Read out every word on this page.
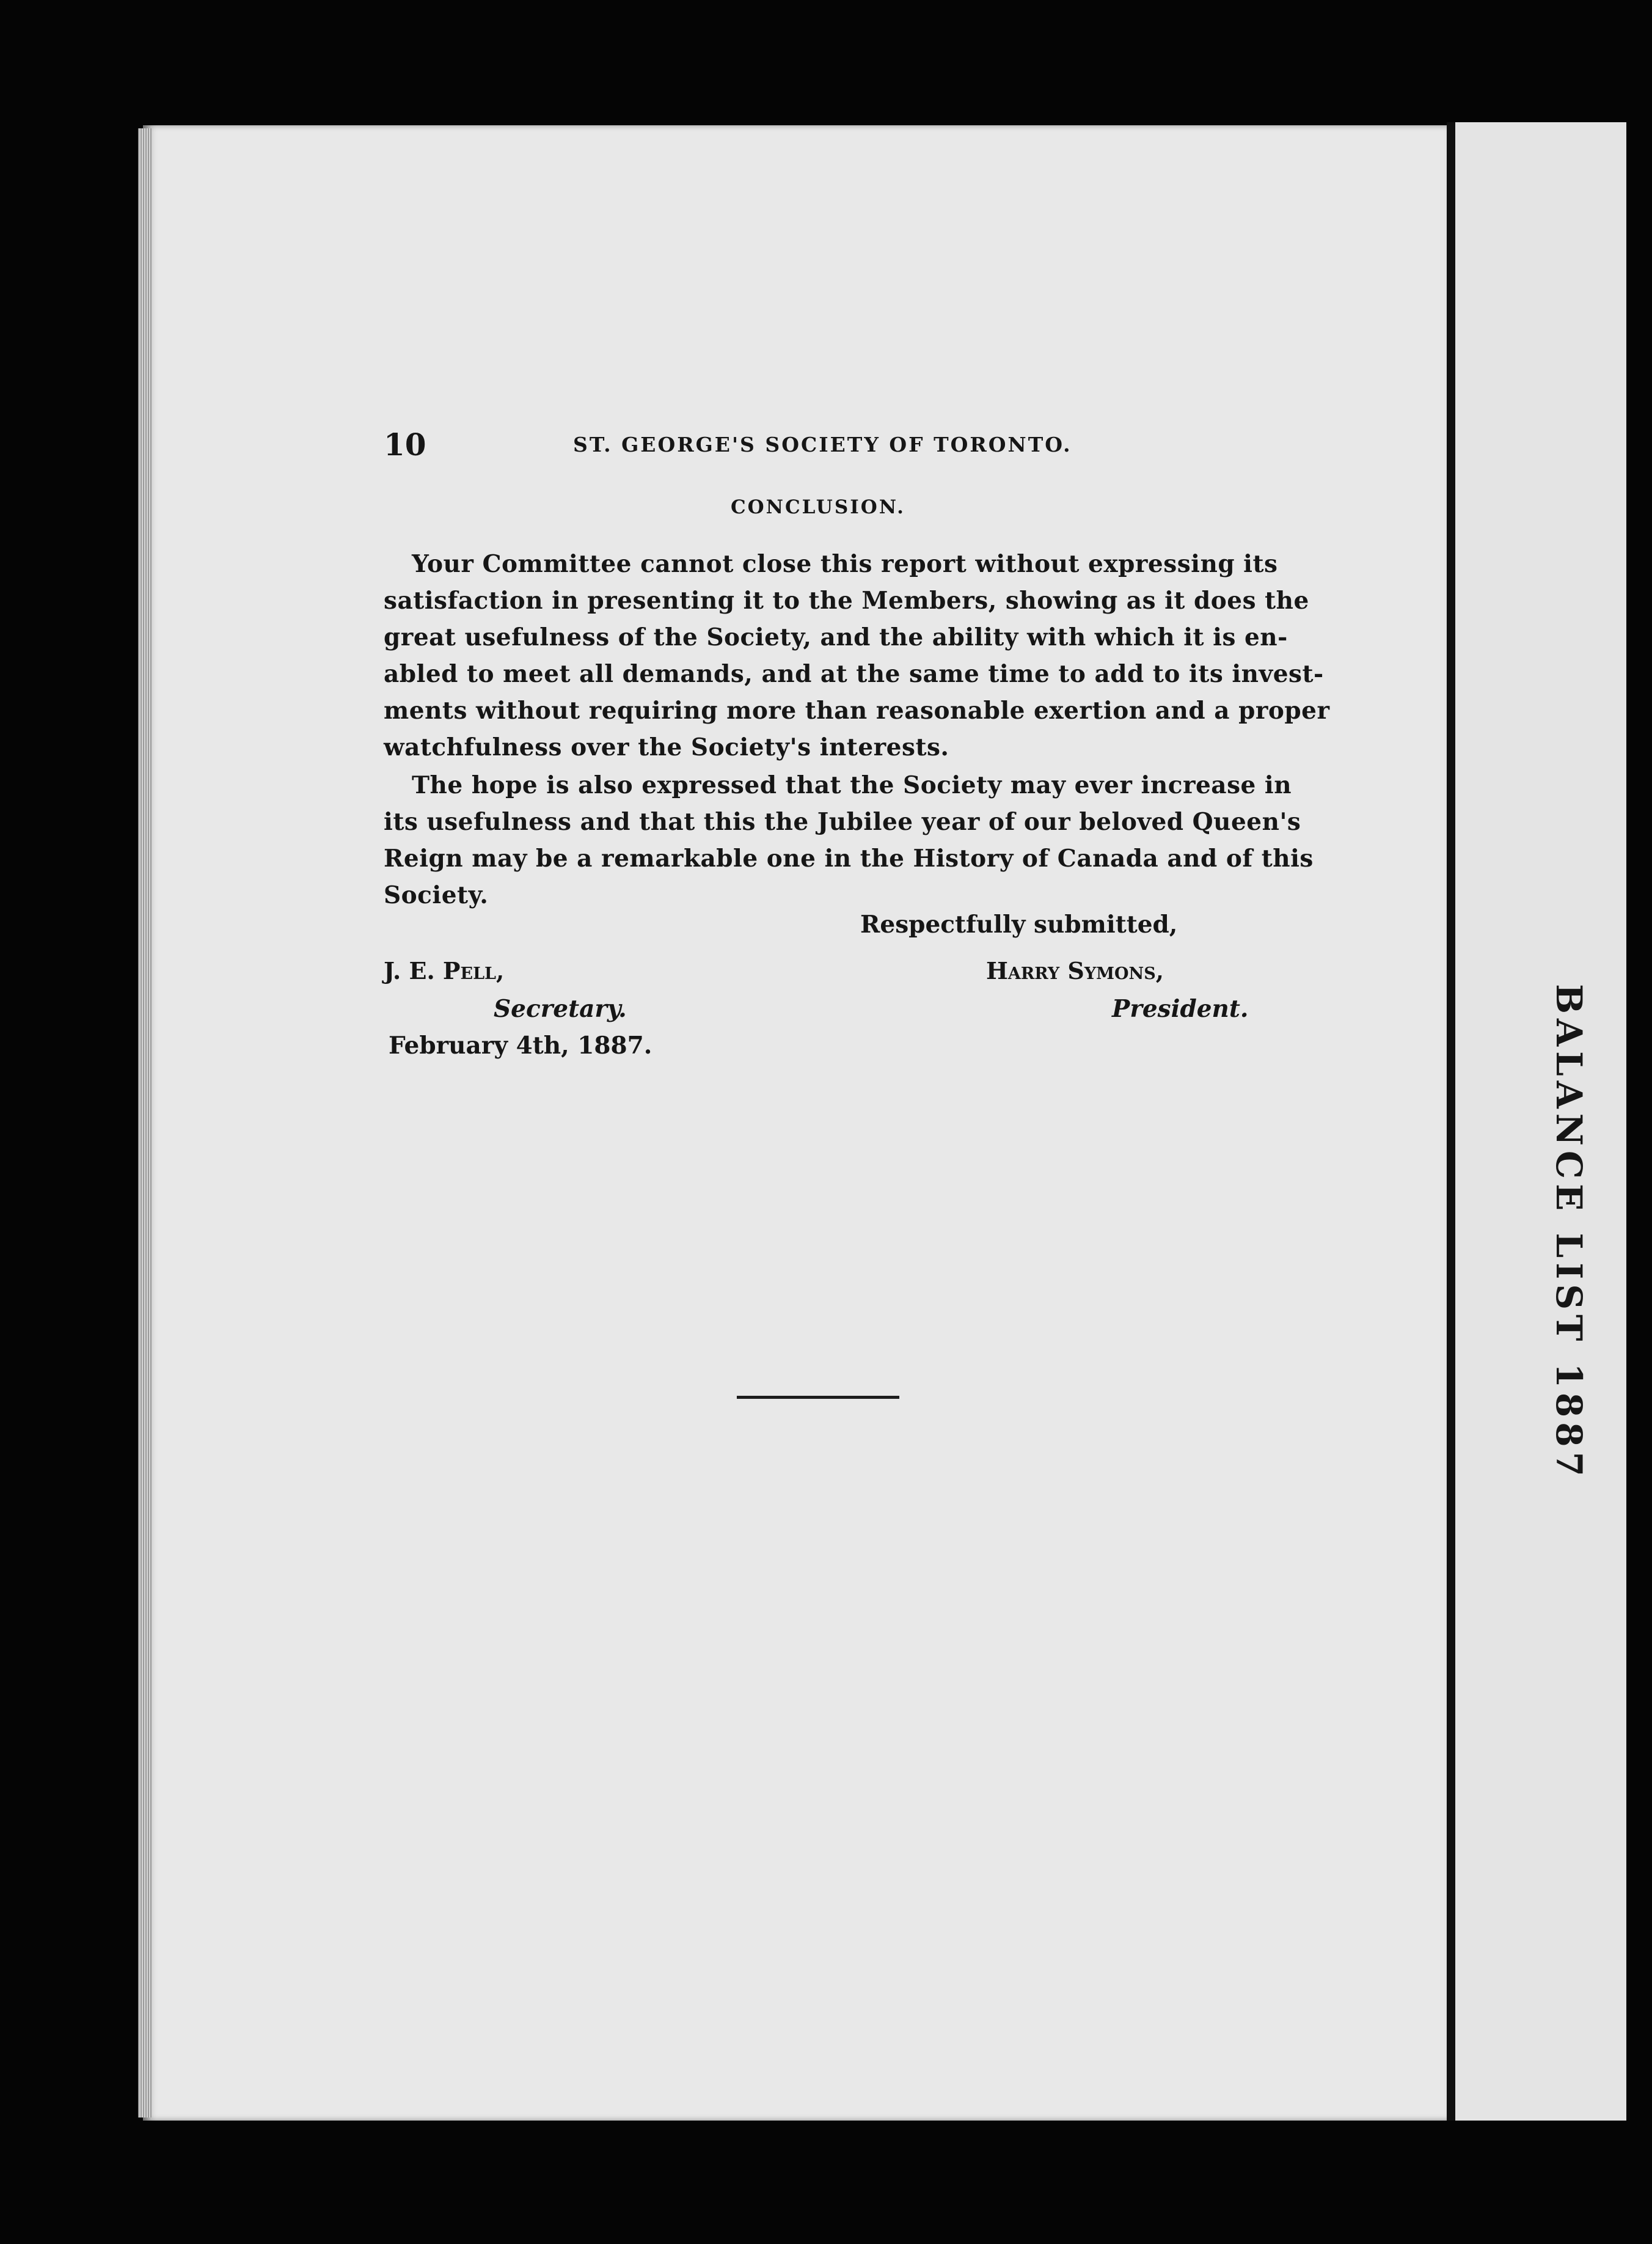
BALANCE LIST 1887
10	ST. GEORGE'S SOCIETY OF TORONTO.
CONCLUSION.
Your Committee cannot close this report without expressing its
satisfaction in presenting it to the Members, showing as it does the
great usefulness of the Society, and the ability with which it is en-
abled to meet all demands, and at the same time to add to its invest-
ments without requiring more than reasonable exertion and a proper
watchfulness over the Society's interests.
The hope is also expressed that the Society may ever increase in
its usefulness and that this the Jubilee year of our beloved Queen's
Reign may be a remarkable one in the History of Canada and of this
Society.
Respectfully submitted,
J. E. Pell,	Harry Symons,
Secretary.	President.
February 4th, 1887.
